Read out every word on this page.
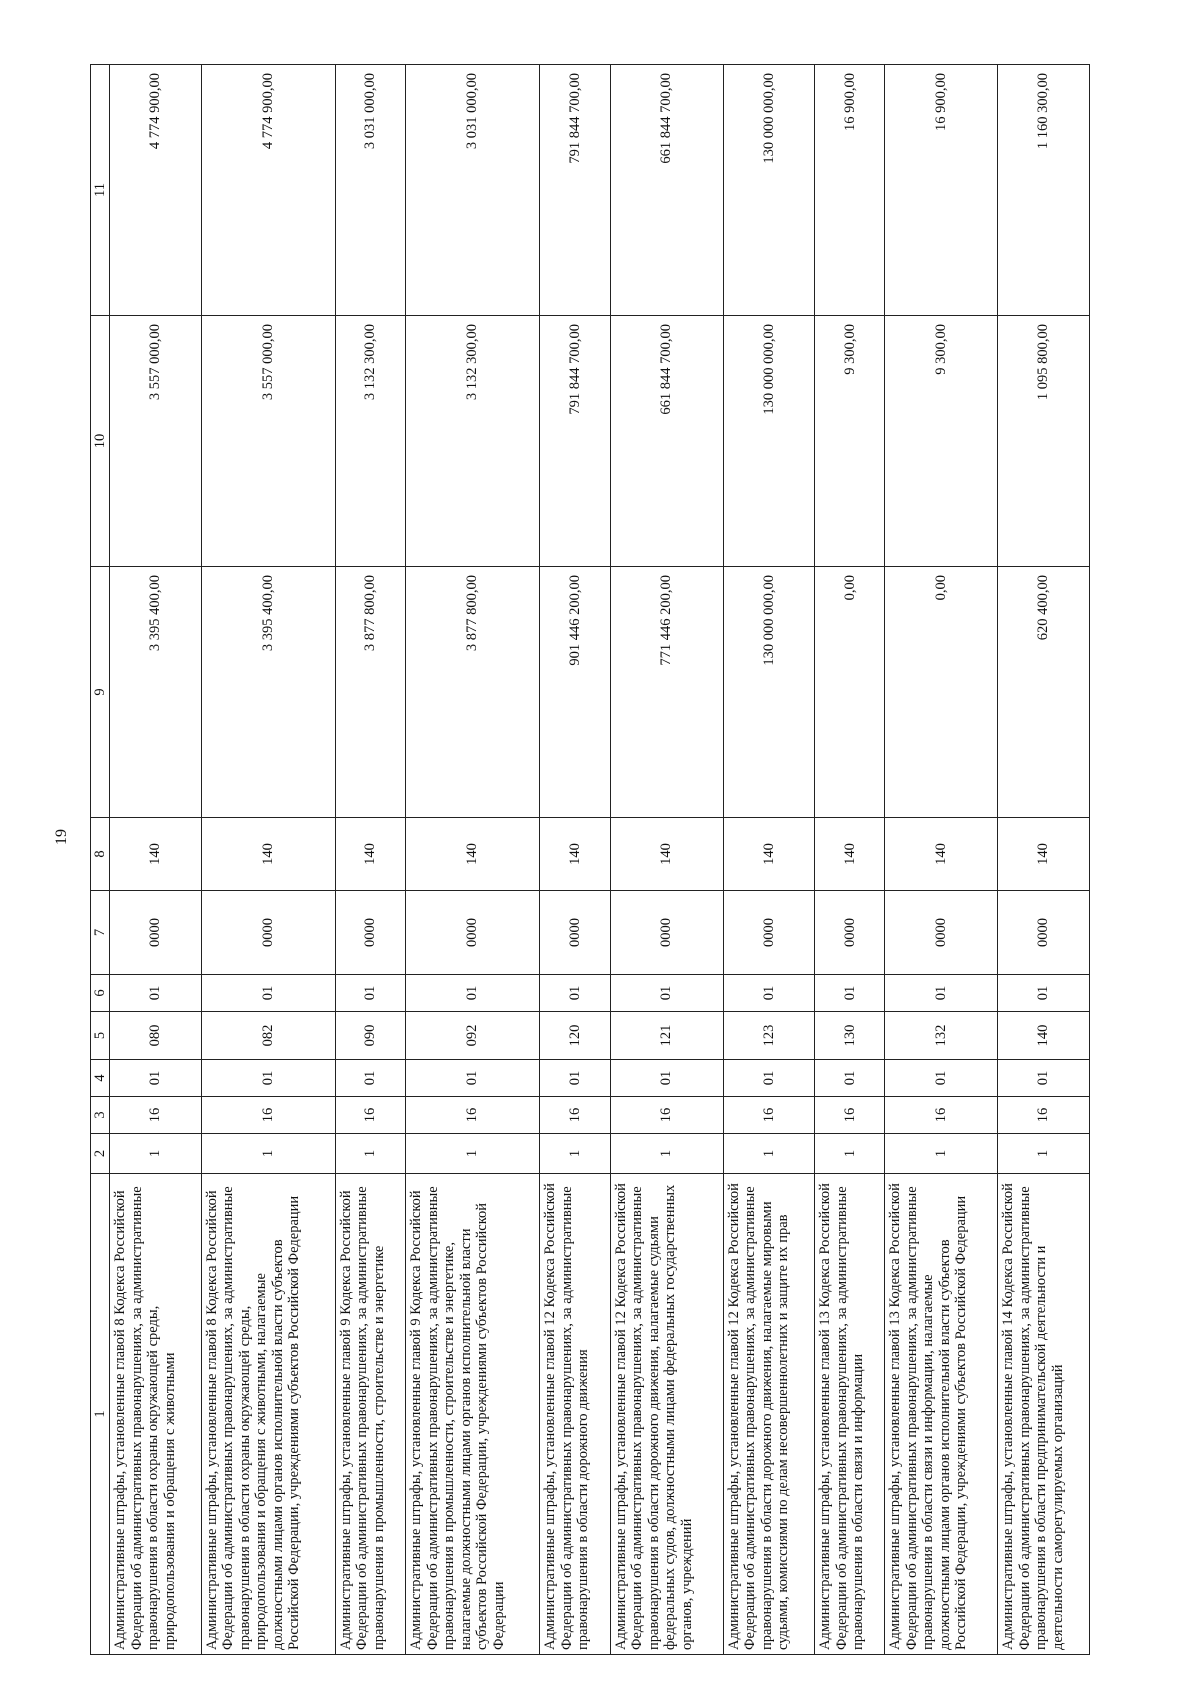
19
1	2	3	4	5	6	7	8	9	10	11
Административные штрафы, установленные главой 8 Кодекса Российской Федерации об административных правонарушениях, за административные правонарушения в области охраны окружающей среды, природопользования и обращения с животными	1	16	01	080	01	0000	140	3 395 400,00	3 557 000,00	4 774 900,00
Административные штрафы, установленные главой 8 Кодекса Российской Федерации об административных правонарушениях, за административные правонарушения в области охраны окружающей среды, природопользования и обращения с животными, налагаемые должностными лицами органов исполнительной власти субъектов Российской Федерации, учреждениями субъектов Российской Федерации	1	16	01	082	01	0000	140	3 395 400,00	3 557 000,00	4 774 900,00
Административные штрафы, установленные главой 9 Кодекса Российской Федерации об административных правонарушениях, за административные правонарушения в промышленности, строительстве и энергетике	1	16	01	090	01	0000	140	3 877 800,00	3 132 300,00	3 031 000,00
Административные штрафы, установленные главой 9 Кодекса Российской Федерации об административных правонарушениях, за административные правонарушения в промышленности, строительстве и энергетике, налагаемые должностными лицами органов исполнительной власти субъектов Российской Федерации, учреждениями субъектов Российской Федерации	1	16	01	092	01	0000	140	3 877 800,00	3 132 300,00	3 031 000,00
Административные штрафы, установленные главой 12 Кодекса Российской Федерации об административных правонарушениях, за административные правонарушения в области дорожного движения	1	16	01	120	01	0000	140	901 446 200,00	791 844 700,00	791 844 700,00
Административные штрафы, установленные главой 12 Кодекса Российской Федерации об административных правонарушениях, за административные правонарушения в области дорожного движения, налагаемые судьями федеральных судов, должностными лицами федеральных государственных органов, учреждений	1	16	01	121	01	0000	140	771 446 200,00	661 844 700,00	661 844 700,00
Административные штрафы, установленные главой 12 Кодекса Российской Федерации об административных правонарушениях, за административные правонарушения в области дорожного движения, налагаемые мировыми судьями, комиссиями по делам несовершеннолетних и защите их прав	1	16	01	123	01	0000	140	130 000 000,00	130 000 000,00	130 000 000,00
Административные штрафы, установленные главой 13 Кодекса Российской Федерации об административных правонарушениях, за административные правонарушения в области связи и информации	1	16	01	130	01	0000	140	0,00	9 300,00	16 900,00
Административные штрафы, установленные главой 13 Кодекса Российской Федерации об административных правонарушениях, за административные правонарушения в области связи и информации, налагаемые должностными лицами органов исполнительной власти субъектов Российской Федерации, учреждениями субъектов Российской Федерации	1	16	01	132	01	0000	140	0,00	9 300,00	16 900,00
Административные штрафы, установленные главой 14 Кодекса Российской Федерации об административных правонарушениях, за административные правонарушения в области предпринимательской деятельности и деятельности саморегулируемых организаций	1	16	01	140	01	0000	140	620 400,00	1 095 800,00	1 160 300,00
